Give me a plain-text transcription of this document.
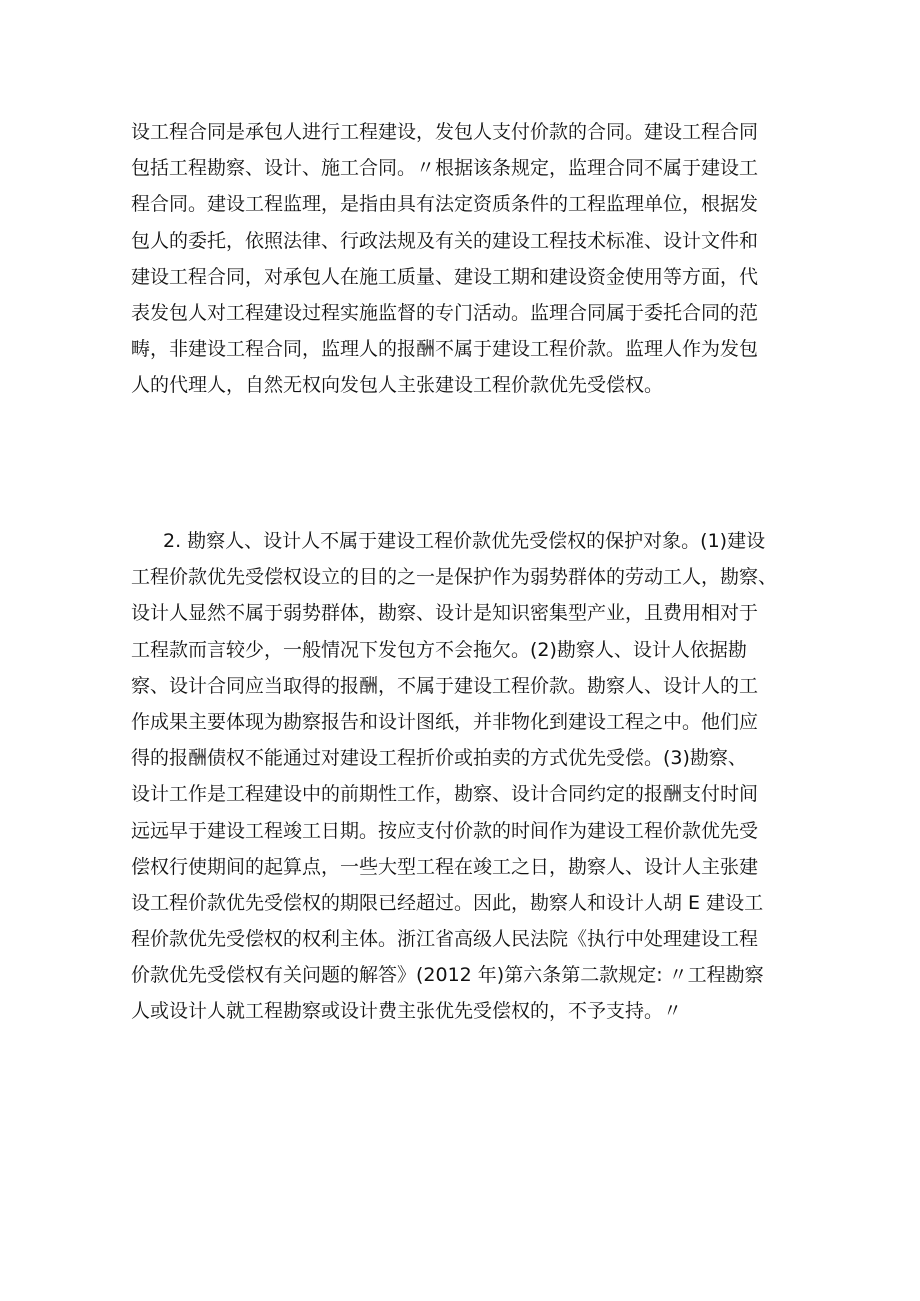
设工程合同是承包人进行工程建设，发包人支付价款的合同。建设工程合同
包括工程勘察、设计、施工合同。〃根据该条规定，监理合同不属于建设工
程合同。建设工程监理，是指由具有法定资质条件的工程监理单位，根据发
包人的委托，依照法律、行政法规及有关的建设工程技术标准、设计文件和
建设工程合同，对承包人在施工质量、建设工期和建设资金使用等方面，代
表发包人对工程建设过程实施监督的专门活动。监理合同属于委托合同的范
畴，非建设工程合同，监理人的报酬不属于建设工程价款。监理人作为发包
人的代理人，自然无权向发包人主张建设工程价款优先受偿权。
2. 勘察人、设计人不属于建设工程价款优先受偿权的保护对象。(1)建设
工程价款优先受偿权设立的目的之一是保护作为弱势群体的劳动工人，勘察、
设计人显然不属于弱势群体，勘察、设计是知识密集型产业，且费用相对于
工程款而言较少，一般情况下发包方不会拖欠。(2)勘察人、设计人依据勘
察、设计合同应当取得的报酬，不属于建设工程价款。勘察人、设计人的工
作成果主要体现为勘察报告和设计图纸，并非物化到建设工程之中。他们应
得的报酬债权不能通过对建设工程折价或拍卖的方式优先受偿。(3)勘察、
设计工作是工程建设中的前期性工作，勘察、设计合同约定的报酬支付时间
远远早于建设工程竣工日期。按应支付价款的时间作为建设工程价款优先受
偿权行使期间的起算点，一些大型工程在竣工之日，勘察人、设计人主张建
设工程价款优先受偿权的期限已经超过。因此，勘察人和设计人胡 E 建设工
程价款优先受偿权的权利主体。浙江省高级人民法院《执行中处理建设工程
价款优先受偿权有关问题的解答》(2012 年)第六条第二款规定: 〃工程勘察
人或设计人就工程勘察或设计费主张优先受偿权的，不予支持。〃
